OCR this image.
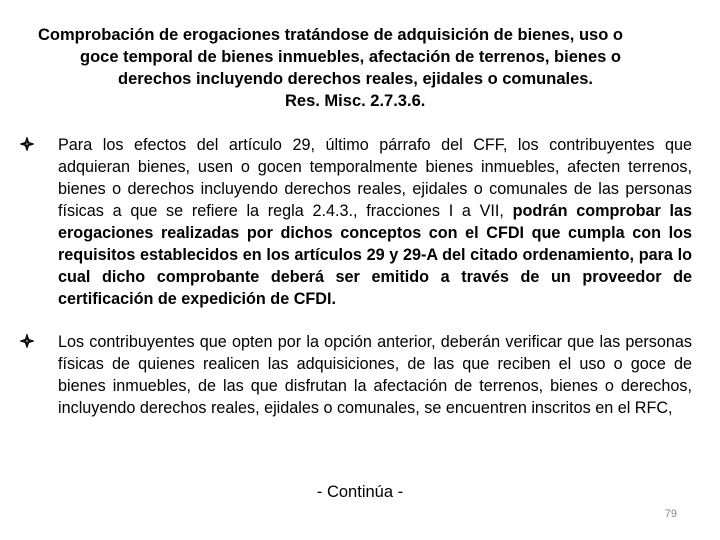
Comprobación de erogaciones tratándose de adquisición de bienes, uso o
goce temporal de bienes inmuebles, afectación de terrenos, bienes o
derechos incluyendo derechos reales, ejidales o comunales.
Res. Misc. 2.7.3.6.

Para los efectos del artículo 29, último párrafo del CFF, los contribuyentes que adquieran bienes, usen o gocen temporalmente bienes inmuebles, afecten terrenos, bienes o derechos incluyendo derechos reales, ejidales o comunales de las personas físicas a que se refiere la regla 2.4.3., fracciones I a VII, podrán comprobar las erogaciones realizadas por dichos conceptos con el CFDI que cumpla con los requisitos establecidos en los artículos 29 y 29-A del citado ordenamiento, para lo cual dicho comprobante deberá ser emitido a través de un proveedor de certificación de expedición de CFDI.

Los contribuyentes que opten por la opción anterior, deberán verificar que las personas físicas de quienes realicen las adquisiciones, de las que reciben el uso o goce de bienes inmuebles, de las que disfrutan la afectación de terrenos, bienes o derechos, incluyendo derechos reales, ejidales o comunales, se encuentren inscritos en el RFC,

- Continúa -
79
